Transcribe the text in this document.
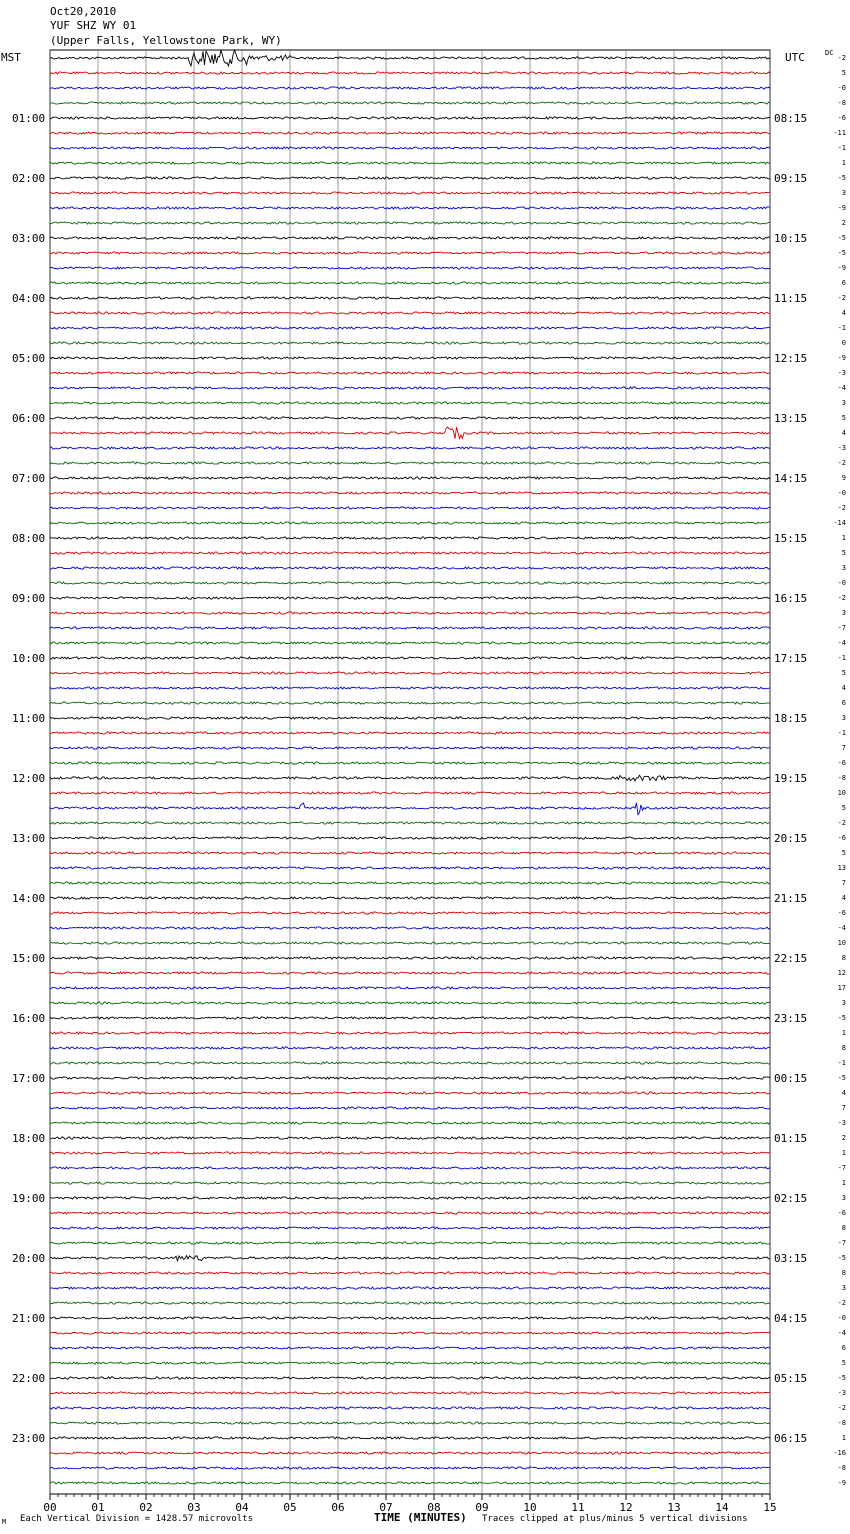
Oct20,2010
YUF SHZ WY 01
(Upper Falls, Yellowstone Park, WY)
MST	UTC	DC
00	01	02	03	04	05	06	07	08	09	10	11	12	13	14	15
-2
5
-0
-8
-6
-11
-1
1
-5
3
-9
2
-5
-5
-9
6
-2
4
-1
0
-9
-3
-4
3
5
4
-3
-2
9
-0
-2
-14
1
5
3
-0
-2
3
-7
-4
-1
5
4
6
3
-1
7
-6
-8
10
5
-2
-6
5
13
7
4
-6
-4
10
8
12
17
3
-5
1
8
-1
-5
4
7
-3
2
1
-7
1
3
-6
8
-7
-5
8
3
-2
-0
-4
6
5
-5
-3
-2
-8
1
-16
-8
-9
01:00	08:15
02:00	09:15
03:00	10:15
04:00	11:15
05:00	12:15
06:00	13:15
07:00	14:15
08:00	15:15
09:00	16:15
10:00	17:15
11:00	18:15
12:00	19:15
13:00	20:15
14:00	21:15
15:00	22:15
16:00	23:15
17:00	00:15
18:00	01:15
19:00	02:15
20:00	03:15
21:00	04:15
22:00	05:15
23:00	06:15
Each Vertical Division = 1428.57 microvolts	TIME (MINUTES) Traces clipped at plus/minus 5 vertical divisions
M
